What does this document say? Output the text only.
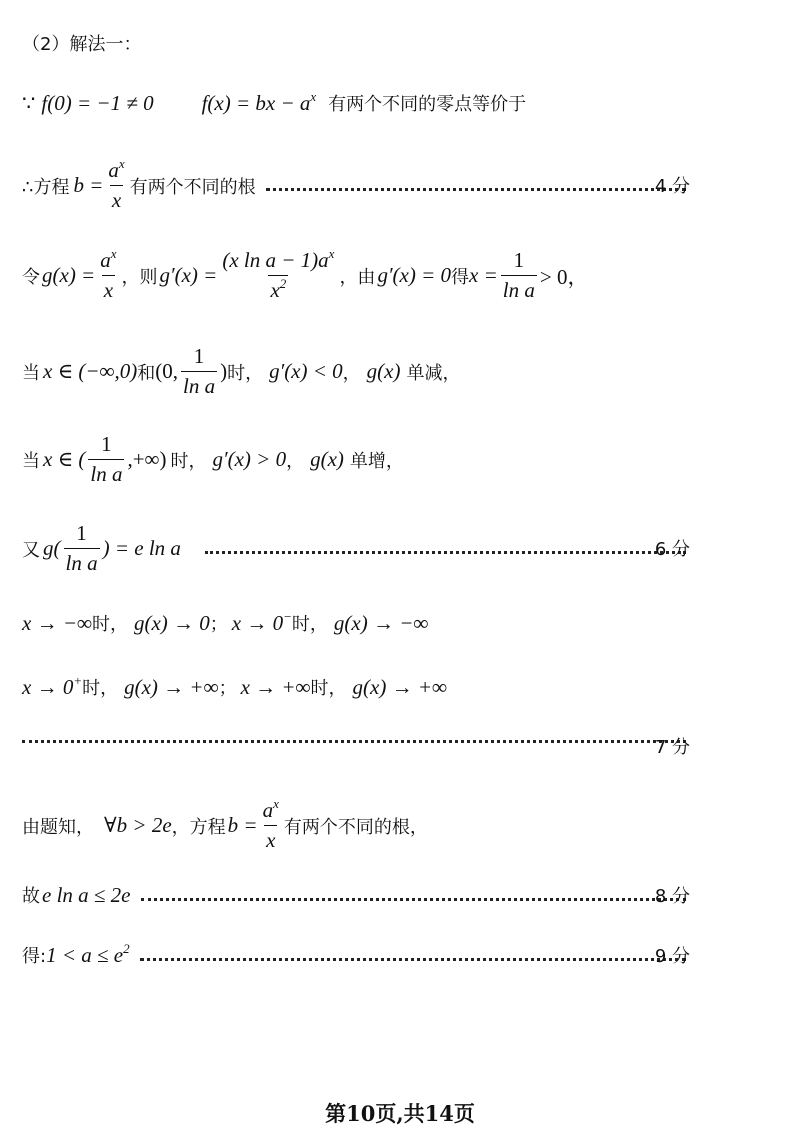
（2）解法一：
∵ f(0) = −1 ≠ 0 f(x) = bx − $a^x$ 有两个不同的零点等价于
∴方程 $b = \frac{a^x}{x}$ 有两个不同的根	4 分
令 $g(x) = \frac{a^x}{x}$ ，则 $g'(x) = \frac{(x \ln a - 1)a^x}{x^2}$ ，由 g′(x) = 0 得 $x = \frac{1}{\text{ln a}} > 0$，
当 x ∈ (−∞,0) 和 (0, $\frac{1}{\text{ln a}}$ ) 时， g′(x) < 0 ， g(x) 单减，
当 x ∈ ( $\frac{1}{\text{ln a}}$ ,+∞) 时， g′(x) > 0 ， g(x) 单增，
又 $g( \frac{1}{\text{ln a}}$ ) = e ln a	6 分
x → −∞ 时， g(x) → 0 ； x → 0− 时， g(x) → −∞
x → 0+ 时， g(x) → +∞ ； x → +∞ 时， g(x) → +∞
7 分
由题知， ∀b > 2e ，方程 $b = \frac{a^x}{x}$ 有两个不同的根，
故 e ln a ≤ 2e	8 分
得: $1 < a \le e^2$	9 分
第10页,共14页
